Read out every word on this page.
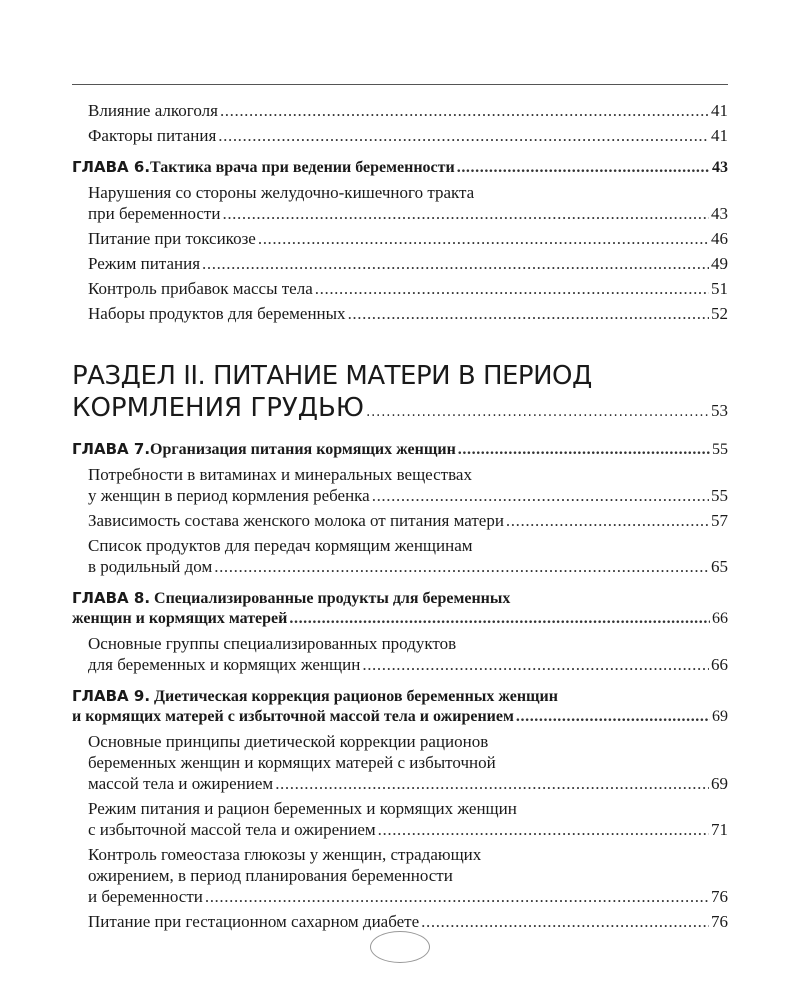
Влияние алкоголя .....	41
Факторы питания .....	41
ГЛАВА 6. Тактика врача при ведении беременности .....	43
Нарушения со стороны желудочно-кишечного тракта
при беременности .....	43
Питание при токсикозе .....	46
Режим питания .....	49
Контроль прибавок массы тела .....	51
Наборы продуктов для беременных .....	52
РАЗДЕЛ II. ПИТАНИЕ МАТЕРИ В ПЕРИОД
КОРМЛЕНИЯ ГРУДЬЮ .....	53
ГЛАВА 7. Организация питания кормящих женщин .....	55
Потребности в витаминах и минеральных веществах
у женщин в период кормления ребенка .....	55
Зависимость состава женского молока от питания матери .....	57
Список продуктов для передач кормящим женщинам
в родильный дом .....	65
ГЛАВА 8. Специализированные продукты для беременных
женщин и кормящих матерей .....	66
Основные группы специализированных продуктов
для беременных и кормящих женщин .....	66
ГЛАВА 9. Диетическая коррекция рационов беременных женщин
и кормящих матерей с избыточной массой тела и ожирением .....	69
Основные принципы диетической коррекции рационов
беременных женщин и кормящих матерей с избыточной
массой тела и ожирением .....	69
Режим питания и рацион беременных и кормящих женщин
с избыточной массой тела и ожирением .....	71
Контроль гомеостаза глюкозы у женщин, страдающих
ожирением, в период планирования беременности
и беременности .....	76
Питание при гестационном сахарном диабете .....	76
